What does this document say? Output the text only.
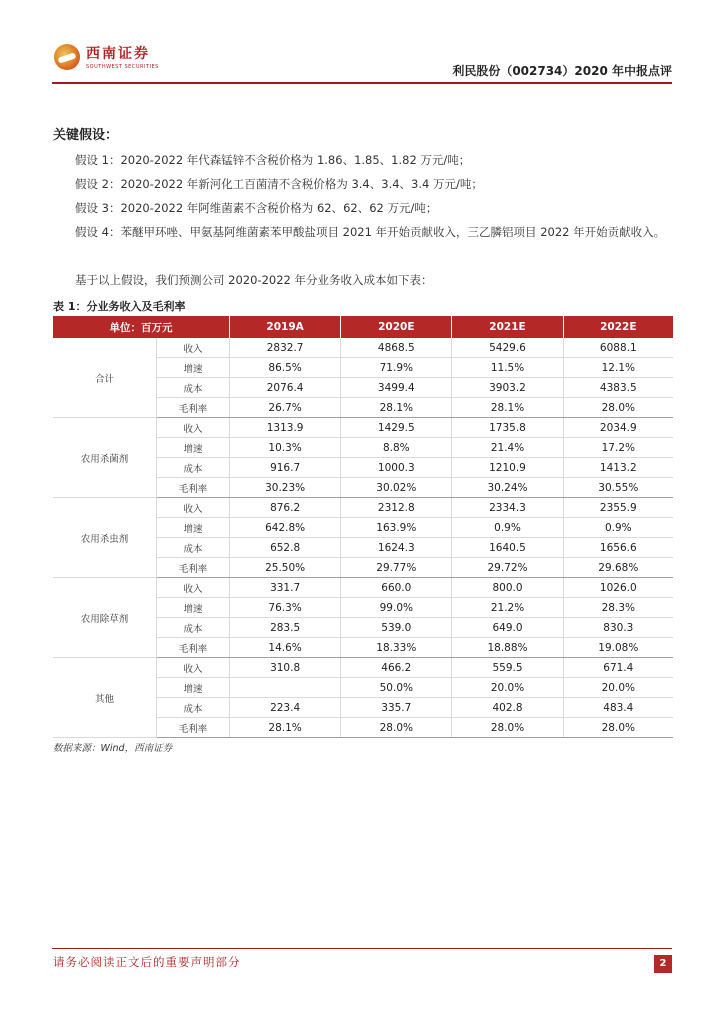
西南证券
SOUTHWEST SECURITIES	利民股份（002734）2020 年中报点评
关键假设：
假设 1：2020-2022 年代森锰锌不含税价格为 1.86、1.85、1.82 万元/吨；
假设 2：2020-2022 年新河化工百菌清不含税价格为 3.4、3.4、3.4 万元/吨；
假设 3：2020-2022 年阿维菌素不含税价格为 62、62、62 万元/吨；
假设 4：苯醚甲环唑、甲氨基阿维菌素苯甲酸盐项目 2021 年开始贡献收入，三乙膦铝项目 2022 年开始贡献收入。
基于以上假设，我们预测公司 2020-2022 年分业务收入成本如下表：
表 1：分业务收入及毛利率
单位：百万元		2019A	2020E	2021E	2022E
合计	收入	2832.7	4868.5	5429.6	6088.1
	增速	86.5%	71.9%	11.5%	12.1%
	成本	2076.4	3499.4	3903.2	4383.5
	毛利率	26.7%	28.1%	28.1%	28.0%
农用杀菌剂	收入	1313.9	1429.5	1735.8	2034.9
	增速	10.3%	8.8%	21.4%	17.2%
	成本	916.7	1000.3	1210.9	1413.2
	毛利率	30.23%	30.02%	30.24%	30.55%
农用杀虫剂	收入	876.2	2312.8	2334.3	2355.9
	增速	642.8%	163.9%	0.9%	0.9%
	成本	652.8	1624.3	1640.5	1656.6
	毛利率	25.50%	29.77%	29.72%	29.68%
农用除草剂	收入	331.7	660.0	800.0	1026.0
	增速	76.3%	99.0%	21.2%	28.3%
	成本	283.5	539.0	649.0	830.3
	毛利率	14.6%	18.33%	18.88%	19.08%
其他	收入	310.8	466.2	559.5	671.4
	增速		50.0%	20.0%	20.0%
	成本	223.4	335.7	402.8	483.4
	毛利率	28.1%	28.0%	28.0%	28.0%
数据来源：Wind，西南证券
请务必阅读正文后的重要声明部分	2
